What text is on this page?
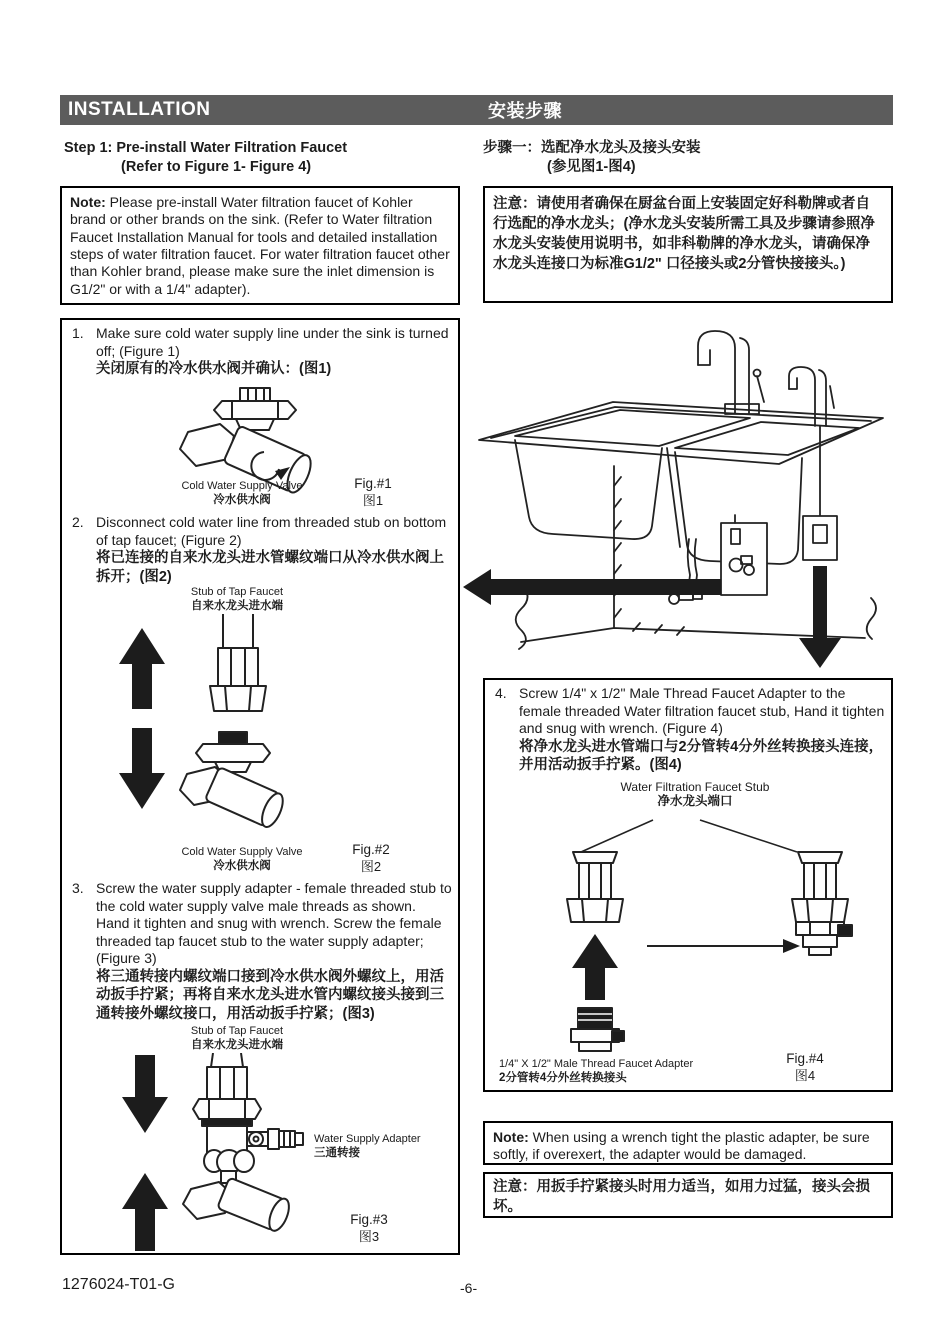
INSTALLATION	安装步骤
Step 1: Pre-install Water Filtration Faucet
(Refer to Figure 1- Figure 4)
步骤一：选配净水龙头及接头安装
(参见图1-图4)
Note: Please pre-install Water filtration faucet of Kohler brand or other brands on the sink. (Refer to Water filtration Faucet Installation Manual for tools and detailed installation steps of water filtration faucet. For water filtration faucet other than Kohler brand, please make sure the inlet dimension is G1/2" or with a 1/4" adapter).
注意：请使用者确保在厨盆台面上安装固定好科勒牌或者自行选配的净水龙头；(净水龙头安装所需工具及步骤请参照净水龙头安装使用说明书，如非科勒牌的净水龙头，请确保净水龙头连接口为标准G1/2" 口径接头或2分管快接接头。)
1. Make sure cold water supply line under the sink is turned off; (Figure 1)
关闭原有的冷水供水阀并确认：(图1)
Cold Water Supply Valve
冷水供水阀
Fig.#1
图1
2. Disconnect cold water line from threaded stub on bottom of tap faucet; (Figure 2)
将已连接的自来水龙头进水管螺纹端口从冷水供水阀上拆开；(图2)
Stub of Tap Faucet
自来水龙头进水端
Cold Water Supply Valve
冷水供水阀
Fig.#2
图2
3. Screw the water supply adapter - female threaded stub to the cold water supply valve male threads as shown. Hand it tighten and snug with wrench. Screw the female threaded tap faucet stub to the water supply adapter; (Figure 3)
将三通转接内螺纹端口接到冷水供水阀外螺纹上，用活动扳手拧紧；再将自来水龙头进水管内螺纹接头接到三通转接外螺纹接口，用活动扳手拧紧；(图3)
Stub of Tap Faucet
自来水龙头进水端
Water Supply Adapter
三通转接
Fig.#3
图3
4. Screw 1/4" x 1/2" Male Thread Faucet Adapter to the female threaded Water filtration faucet stub, Hand it tighten and snug with wrench. (Figure 4)
将净水龙头进水管端口与2分管转4分外丝转换接头连接，并用活动扳手拧紧。(图4)
Water Filtration Faucet Stub
净水龙头端口
1/4" X 1/2" Male Thread Faucet Adapter
2分管转4分外丝转换接头
Fig.#4
图4
Note: When using a wrench tight the plastic adapter, be sure softly, if overexert, the adapter would be damaged.
注意：用扳手拧紧接头时用力适当，如用力过猛，接头会损坏。
1276024-T01-G	-6-
